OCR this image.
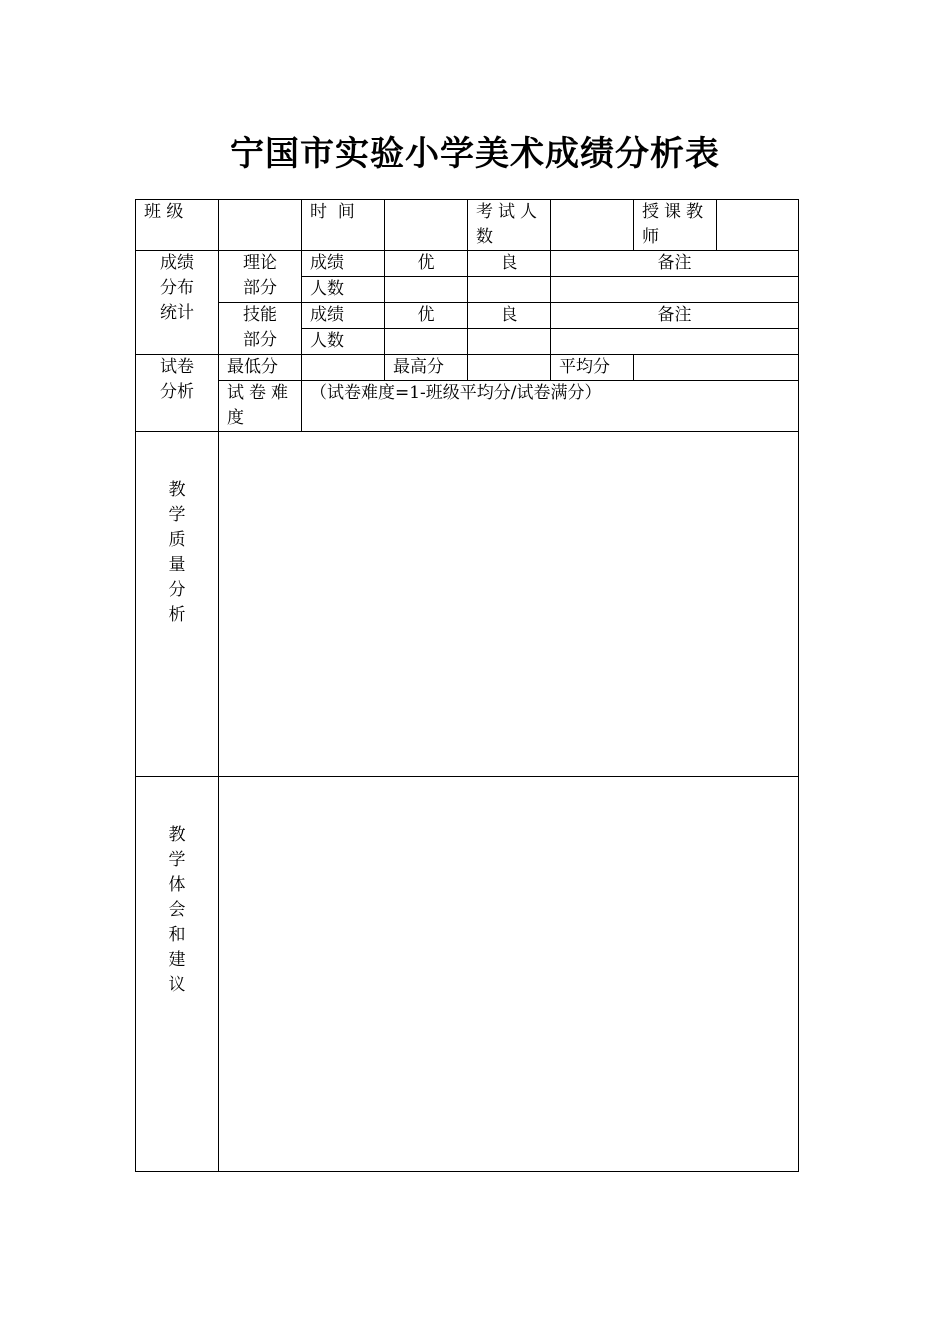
宁国市实验小学美术成绩分析表
班 级		时  间		考试人数		授课教师	
成绩分布统计	理论部分	成绩	优	良	备注		
		人数					
	技能部分	成绩	优	良	备注		
		人数					
试卷分析	最低分		最高分		平均分		
	试卷难度	（试卷难度=1-班级平均分/试卷满分）					
教学质量分析							
教学体会和建议							
